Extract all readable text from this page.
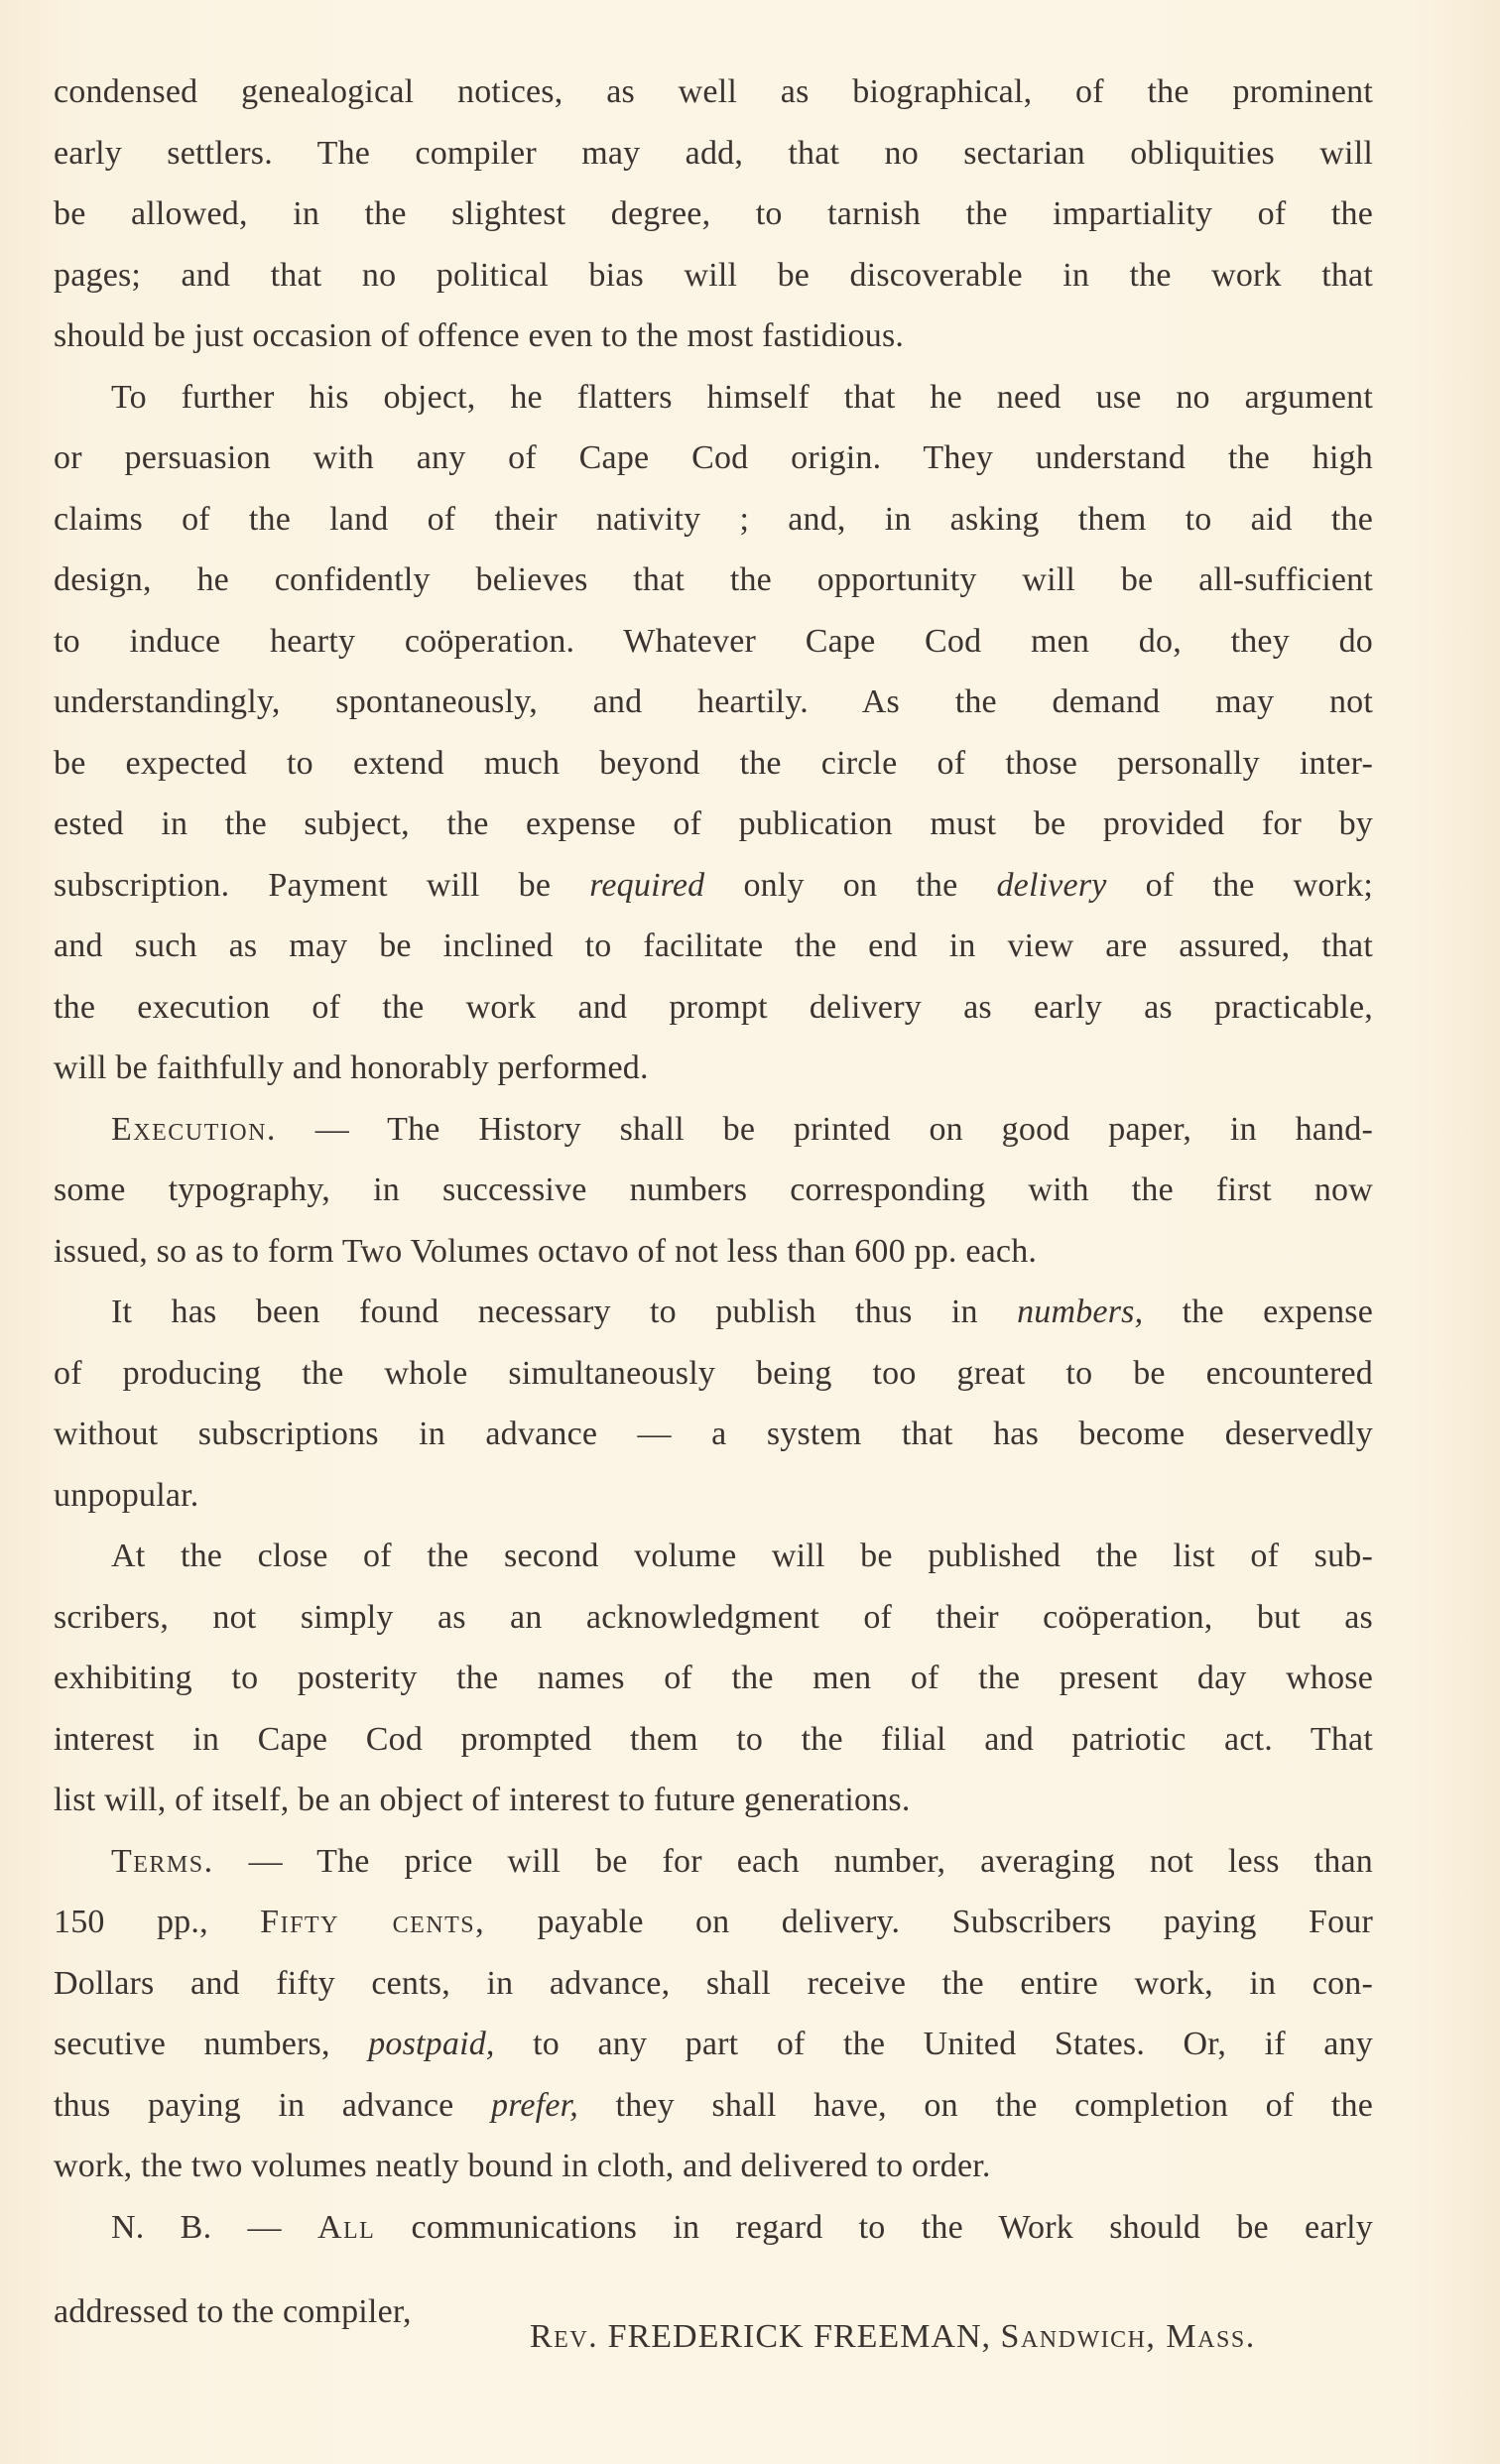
condensed genealogical notices, as well as biographical, of the prominent
early settlers. The compiler may add, that no sectarian obliquities will
be allowed, in the slightest degree, to tarnish the impartiality of the
pages; and that no political bias will be discoverable in the work that
should be just occasion of offence even to the most fastidious.
To further his object, he flatters himself that he need use no argument
or persuasion with any of Cape Cod origin. They understand the high
claims of the land of their nativity ; and, in asking them to aid the
design, he confidently believes that the opportunity will be all-sufficient
to induce hearty coöperation. Whatever Cape Cod men do, they do
understandingly, spontaneously, and heartily. As the demand may not
be expected to extend much beyond the circle of those personally inter-
ested in the subject, the expense of publication must be provided for by
subscription. Payment will be required only on the delivery of the work;
and such as may be inclined to facilitate the end in view are assured, that
the execution of the work and prompt delivery as early as practicable,
will be faithfully and honorably performed.
Execution. — The History shall be printed on good paper, in hand-
some typography, in successive numbers corresponding with the first now
issued, so as to form Two Volumes octavo of not less than 600 pp. each.
It has been found necessary to publish thus in numbers, the expense
of producing the whole simultaneously being too great to be encountered
without subscriptions in advance — a system that has become deservedly
unpopular.
At the close of the second volume will be published the list of sub-
scribers, not simply as an acknowledgment of their coöperation, but as
exhibiting to posterity the names of the men of the present day whose
interest in Cape Cod prompted them to the filial and patriotic act. That
list will, of itself, be an object of interest to future generations.
Terms. — The price will be for each number, averaging not less than
150 pp., Fifty cents, payable on delivery. Subscribers paying Four
Dollars and fifty cents, in advance, shall receive the entire work, in con-
secutive numbers, postpaid, to any part of the United States. Or, if any
thus paying in advance prefer, they shall have, on the completion of the
work, the two volumes neatly bound in cloth, and delivered to order.
N. B. — All communications in regard to the Work should be early
addressed to the compiler,
Rev. FREDERICK FREEMAN, Sandwich, Mass.
